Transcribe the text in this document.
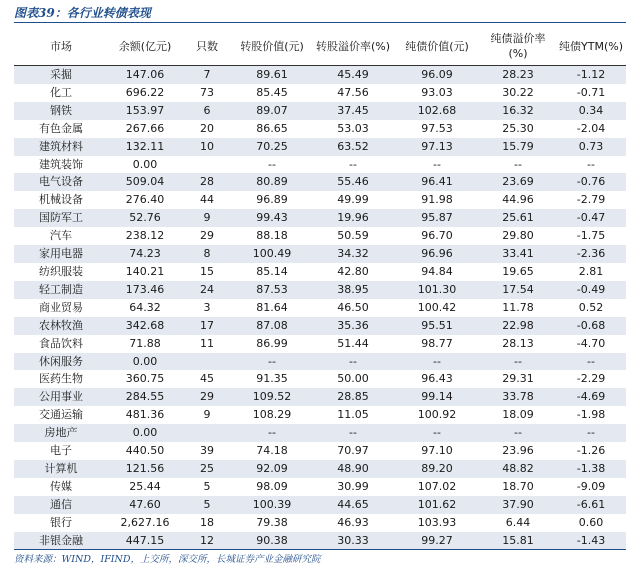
图表39：各行业转债表现
市场	余额(亿元)	只数	转股价值(元)	转股溢价率(%)	纯债价值(元)	纯债溢价率
(%)	纯债YTM(%)
采掘	147.06	7	89.61	45.49	96.09	28.23	-1.12
化工	696.22	73	85.45	47.56	93.03	30.22	-0.71
钢铁	153.97	6	89.07	37.45	102.68	16.32	0.34
有色金属	267.66	20	86.65	53.03	97.53	25.30	-2.04
建筑材料	132.11	10	70.25	63.52	97.13	15.79	0.73
建筑装饰	0.00		--	--	--	--	--
电气设备	509.04	28	80.89	55.46	96.41	23.69	-0.76
机械设备	276.40	44	96.89	49.99	91.98	44.96	-2.79
国防军工	52.76	9	99.43	19.96	95.87	25.61	-0.47
汽车	238.12	29	88.18	50.59	96.70	29.80	-1.75
家用电器	74.23	8	100.49	34.32	96.96	33.41	-2.36
纺织服装	140.21	15	85.14	42.80	94.84	19.65	2.81
轻工制造	173.46	24	87.53	38.95	101.30	17.54	-0.49
商业贸易	64.32	3	81.64	46.50	100.42	11.78	0.52
农林牧渔	342.68	17	87.08	35.36	95.51	22.98	-0.68
食品饮料	71.88	11	86.99	51.44	98.77	28.13	-4.70
休闲服务	0.00		--	--	--	--	--
医药生物	360.75	45	91.35	50.00	96.43	29.31	-2.29
公用事业	284.55	29	109.52	28.85	99.14	33.78	-4.69
交通运输	481.36	9	108.29	11.05	100.92	18.09	-1.98
房地产	0.00		--	--	--	--	--
电子	440.50	39	74.18	70.97	97.10	23.96	-1.26
计算机	121.56	25	92.09	48.90	89.20	48.82	-1.38
传媒	25.44	5	98.09	30.99	107.02	18.70	-9.09
通信	47.60	5	100.39	44.65	101.62	37.90	-6.61
银行	2,627.16	18	79.38	46.93	103.93	6.44	0.60
非银金融	447.15	12	90.38	30.33	99.27	15.81	-1.43
资料来源：WIND，IFIND，上交所，深交所，长城证券产业金融研究院
